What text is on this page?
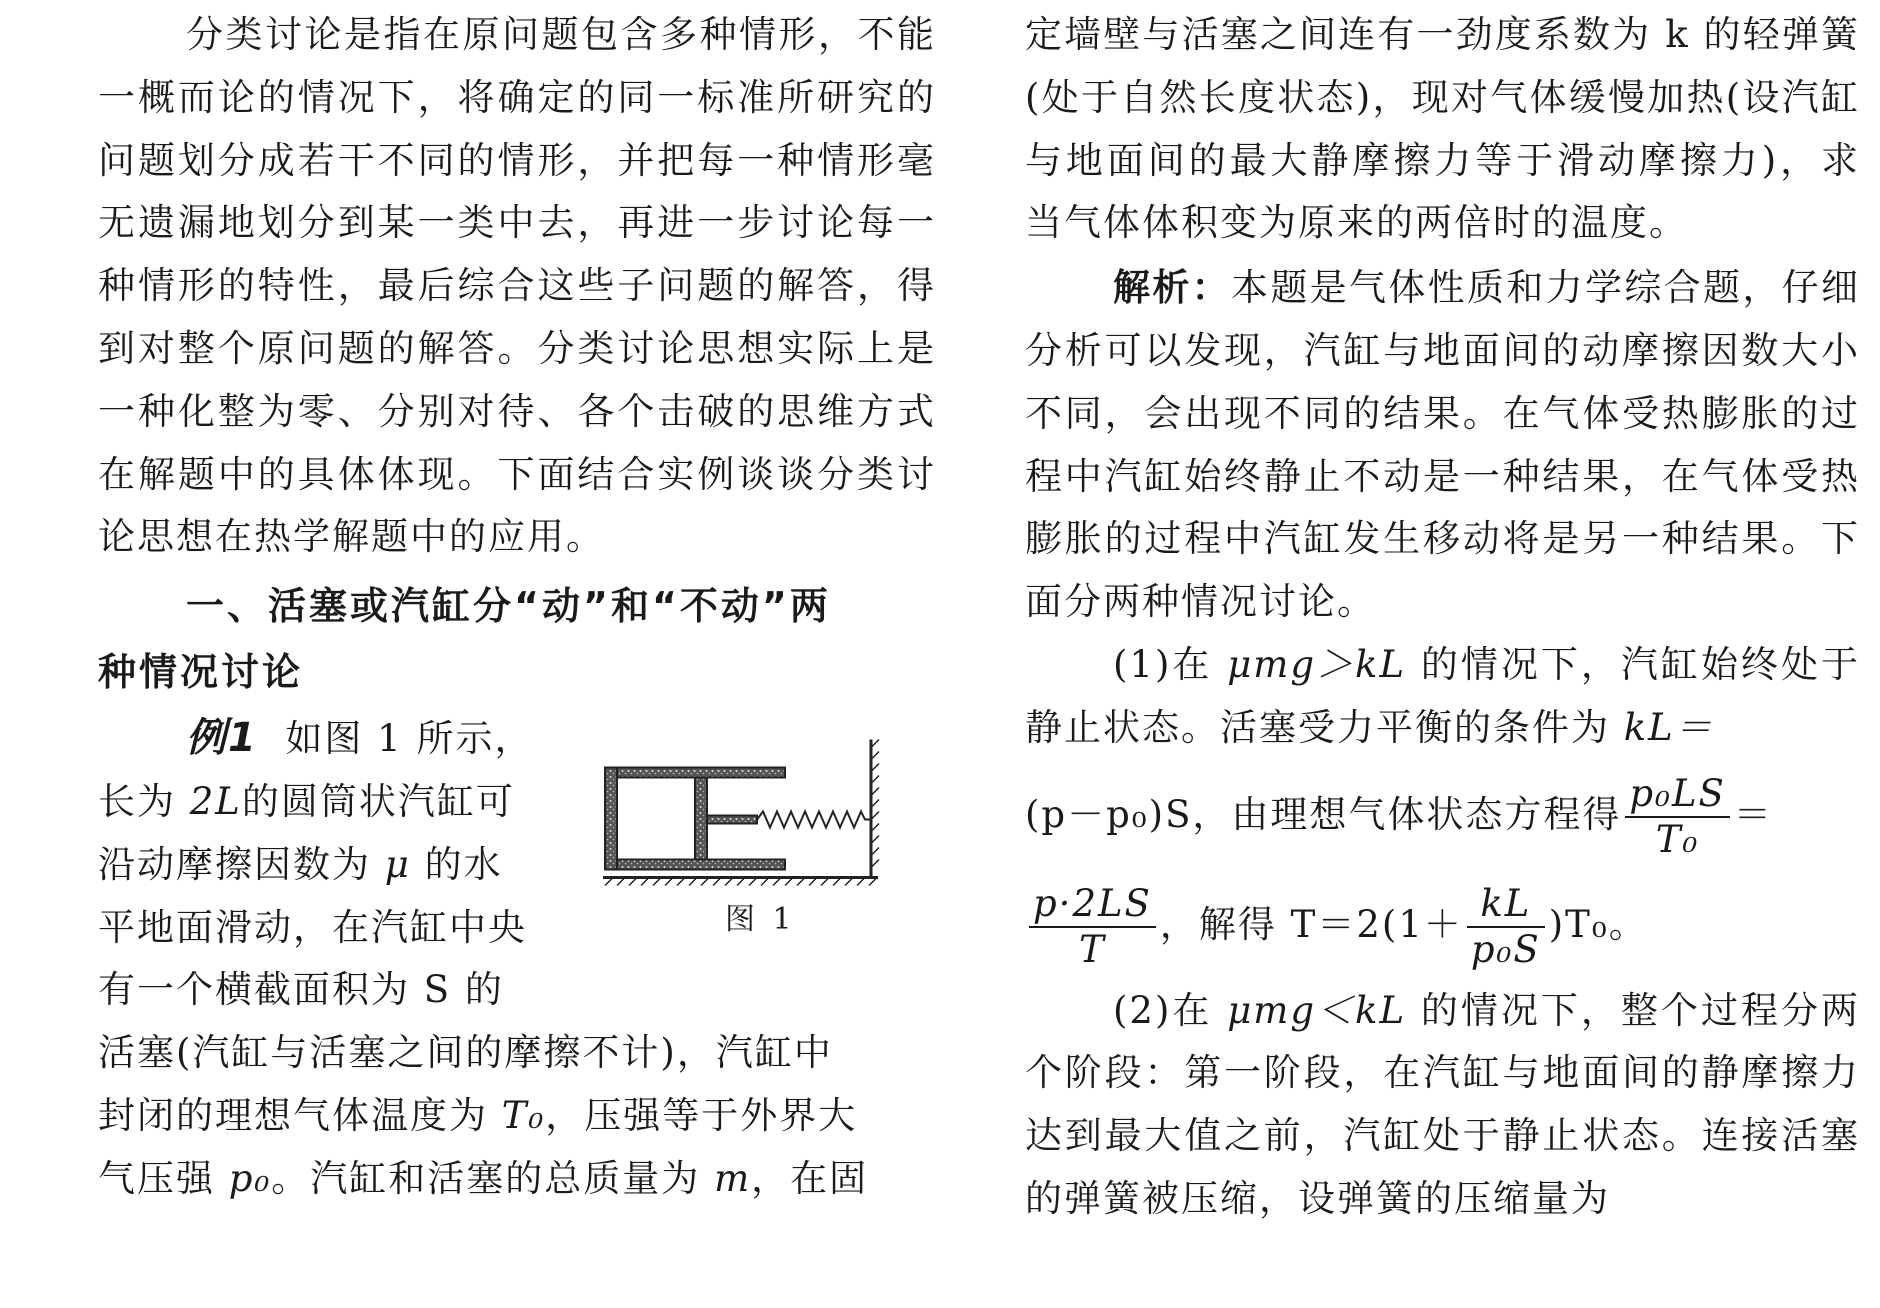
分类讨论是指在原问题包含多种情形，不能一概而论的情况下，将确定的同一标准所研究的问题划分成若干不同的情形，并把每一种情形毫无遗漏地划分到某一类中去，再进一步讨论每一种情形的特性，最后综合这些子问题的解答，得到对整个原问题的解答。分类讨论思想实际上是一种化整为零、分别对待、各个击破的思维方式在解题中的具体体现。下面结合实例谈谈分类讨论思想在热学解题中的应用。

一、活塞或汽缸分“动”和“不动”两
种情况讨论
例1 如图 1 所示，
长为 2L的圆筒状汽缸可
沿动摩擦因数为 μ 的水
平地面滑动，在汽缸中央
有一个横截面积为 S 的
活塞(汽缸与活塞之间的摩擦不计)，汽缸中
封闭的理想气体温度为 T₀，压强等于外界大
气压强 p₀。汽缸和活塞的总质量为 m，在固
图 1

定墙壁与活塞之间连有一劲度系数为 k 的轻弹簧(处于自然长度状态)，现对气体缓慢加热(设汽缸与地面间的最大静摩擦力等于滑动摩擦力)，求当气体体积变为原来的两倍时的温度。

解析：本题是气体性质和力学综合题，仔细分析可以发现，汽缸与地面间的动摩擦因数大小不同，会出现不同的结果。在气体受热膨胀的过程中汽缸始终静止不动是一种结果，在气体受热膨胀的过程中汽缸发生移动将是另一种结果。下面分两种情况讨论。

(1)在 μmg＞kL 的情况下，汽缸始终处于静止状态。活塞受力平衡的条件为 kL＝

(p－p₀)S，由理想气体状态方程得 $\frac{\text{p₀LS}}{\text{T₀}}$ ＝

$\frac{p\cdot 2LS}{T}$ ，解得 $T=2(1+ \frac{kL}{\text{p₀S}} )T_0$。

(2)在 μmg＜kL 的情况下，整个过程分两个阶段：第一阶段，在汽缸与地面间的静摩擦力达到最大值之前，汽缸处于静止状态。连接活塞的弹簧被压缩，设弹簧的压缩量为
